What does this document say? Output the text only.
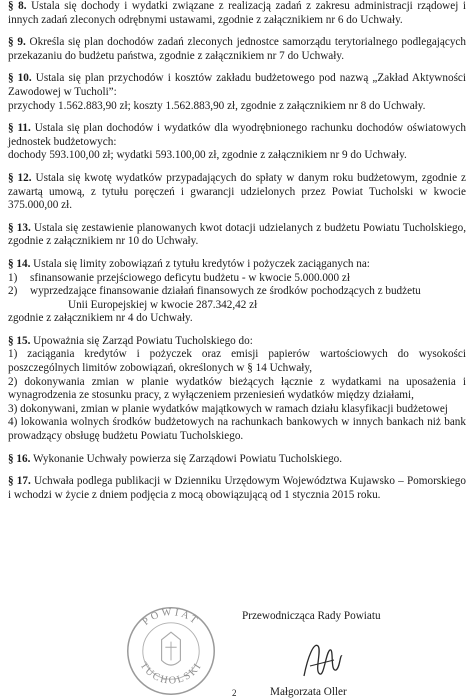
§ 8. Ustala się dochody i wydatki związane z realizacją zadań z zakresu administracji rządowej i innych zadań zleconych odrębnymi ustawami, zgodnie z załącznikiem nr 6 do Uchwały.

§ 9. Określa się plan dochodów zadań zleconych jednostce samorządu terytorialnego podlegających przekazaniu do budżetu państwa, zgodnie z załącznikiem nr 7 do Uchwały.

§ 10. Ustala się plan przychodów i kosztów zakładu budżetowego pod nazwą „Zakład Aktywności Zawodowej w Tucholi”:

przychody 1.562.883,90 zł; koszty 1.562.883,90 zł, zgodnie z załącznikiem nr 8 do Uchwały.

§ 11. Ustala się plan dochodów i wydatków dla wyodrębnionego rachunku dochodów oświatowych jednostek budżetowych:

dochody 593.100,00 zł; wydatki 593.100,00 zł, zgodnie z załącznikiem nr 9 do Uchwały.

§ 12. Ustala się kwotę wydatków przypadających do spłaty w danym roku budżetowym, zgodnie z zawartą umową, z tytułu poręczeń i gwarancji udzielonych przez Powiat Tucholski w kwocie 375.000,00 zł.

§ 13. Ustala się zestawienie planowanych kwot dotacji udzielanych z budżetu Powiatu Tucholskiego, zgodnie z załącznikiem nr 10 do Uchwały.

§ 14. Ustala się limity zobowiązań z tytułu kredytów i pożyczek zaciąganych na:

1) sfinansowanie przejściowego deficytu budżetu - w kwocie 5.000.000 zł
2) wyprzedzające finansowanie działań finansowych ze środków pochodzących z budżetu

Unii Europejskiej w kwocie 287.342,42 zł

zgodnie z załącznikiem nr 4 do Uchwały.

§ 15. Upoważnia się Zarząd Powiatu Tucholskiego do:

1) zaciągania kredytów i pożyczek oraz emisji papierów wartościowych do wysokości poszczególnych limitów zobowiązań, określonych w § 14 Uchwały,

2) dokonywania zmian w planie wydatków bieżących łącznie z wydatkami na uposażenia i wynagrodzenia ze stosunku pracy, z wyłączeniem przeniesień wydatków między działami,

3) dokonywani, zmian w planie wydatków majątkowych w ramach działu klasyfikacji budżetowej

4) lokowania wolnych środków budżetowych na rachunkach bankowych w innych bankach niż bank prowadzący obsługę budżetu Powiatu Tucholskiego.

§ 16. Wykonanie Uchwały powierza się Zarządowi Powiatu Tucholskiego.

§ 17. Uchwała podlega publikacji w Dzienniku Urzędowym Województwa Kujawsko – Pomorskiego i wchodzi w życie z dniem podjęcia z mocą obowiązującą od 1 stycznia 2015 roku.

POWIAT
TUCHOLSKI
Przewodnicząca Rady Powiatu
Małgorzata Oller
2
